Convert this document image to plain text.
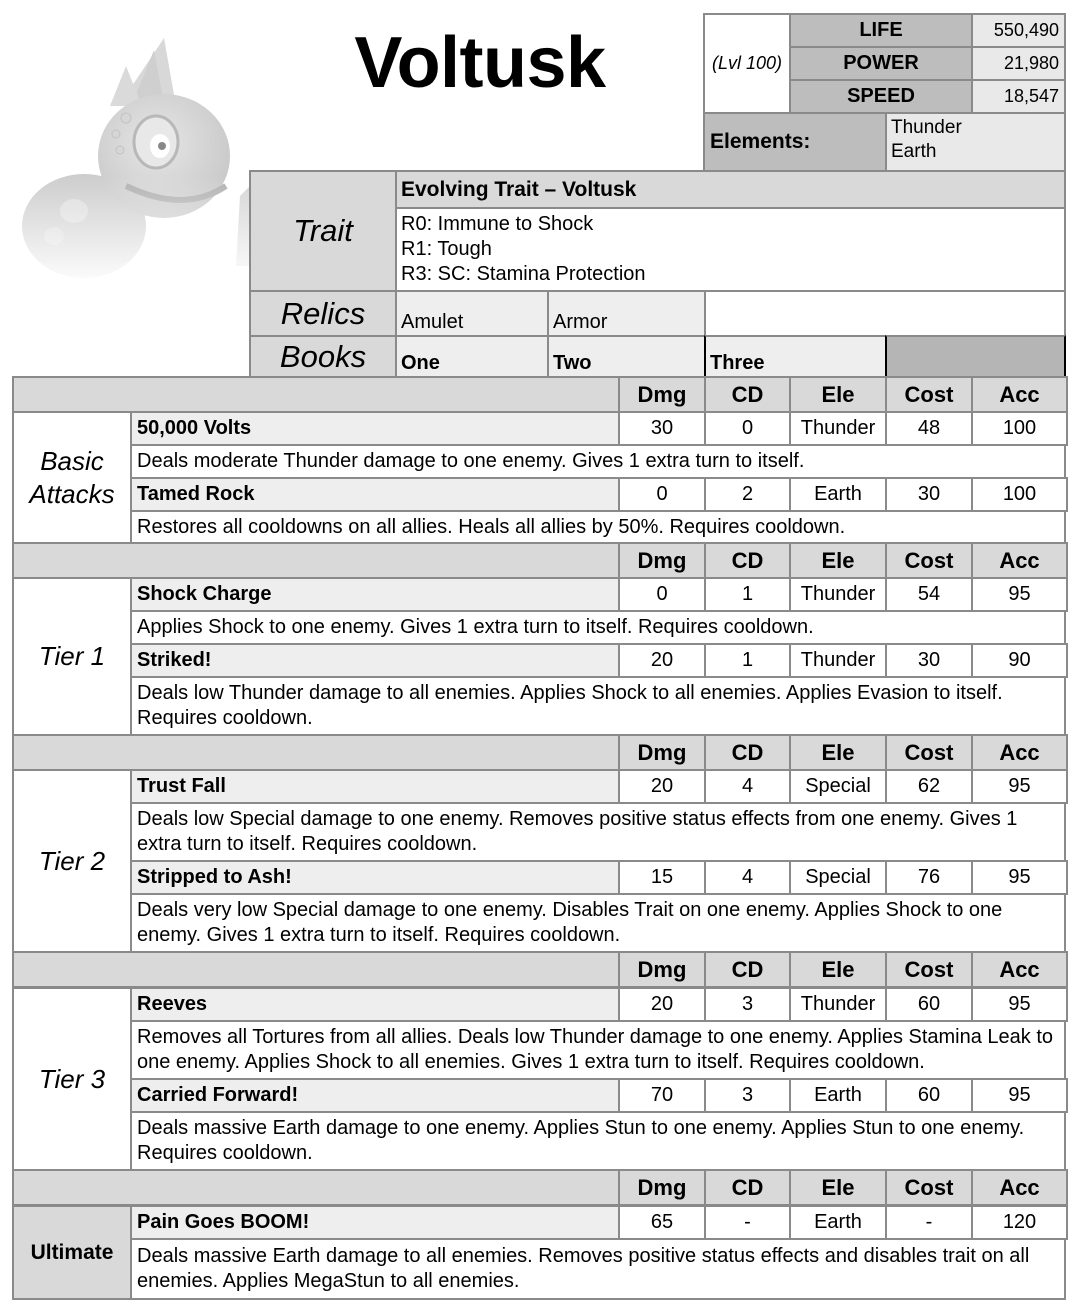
Voltusk	(Lvl 100)
LIFE	550,490
POWER	21,980
SPEED	18,547
Elements:
Thunder
Earth
Trait
Evolving Trait – Voltusk
R0: Immune to Shock
R1: Tough
R3: SC: Stamina Protection
Relics	Amulet	Armor
Books	One	Two	Three
Dmg	CD	Ele	Cost	Acc
Basic Attacks
50,000 Volts	30	0	Thunder	48	100
Deals moderate Thunder damage to one enemy. Gives 1 extra turn to itself.
Tamed Rock	0	2	Earth	30	100
Restores all cooldowns on all allies. Heals all allies by 50%. Requires cooldown.
Dmg	CD	Ele	Cost	Acc
Tier 1
Shock Charge	0	1	Thunder	54	95
Applies Shock to one enemy. Gives 1 extra turn to itself. Requires cooldown.
Striked!	20	1	Thunder	30	90
Deals low Thunder damage to all enemies. Applies Shock to all enemies. Applies Evasion to itself. Requires cooldown.
Dmg	CD	Ele	Cost	Acc
Tier 2
Trust Fall	20	4	Special	62	95
Deals low Special damage to one enemy. Removes positive status effects from one enemy. Gives 1 extra turn to itself. Requires cooldown.
Stripped to Ash!	15	4	Special	76	95
Deals very low Special damage to one enemy. Disables Trait on one enemy. Applies Shock to one enemy. Gives 1 extra turn to itself. Requires cooldown.
Dmg	CD	Ele	Cost	Acc
Tier 3
Reeves	20	3	Thunder	60	95
Removes all Tortures from all allies. Deals low Thunder damage to one enemy. Applies Stamina Leak to one enemy. Applies Shock to all enemies. Gives 1 extra turn to itself. Requires cooldown.
Carried Forward!	70	3	Earth	60	95
Deals massive Earth damage to one enemy. Applies Stun to one enemy. Applies Stun to one enemy. Requires cooldown.
Dmg	CD	Ele	Cost	Acc
Ultimate
Pain Goes BOOM!	65	-	Earth	-	120
Deals massive Earth damage to all enemies. Removes positive status effects and disables trait on all enemies. Applies MegaStun to all enemies.
